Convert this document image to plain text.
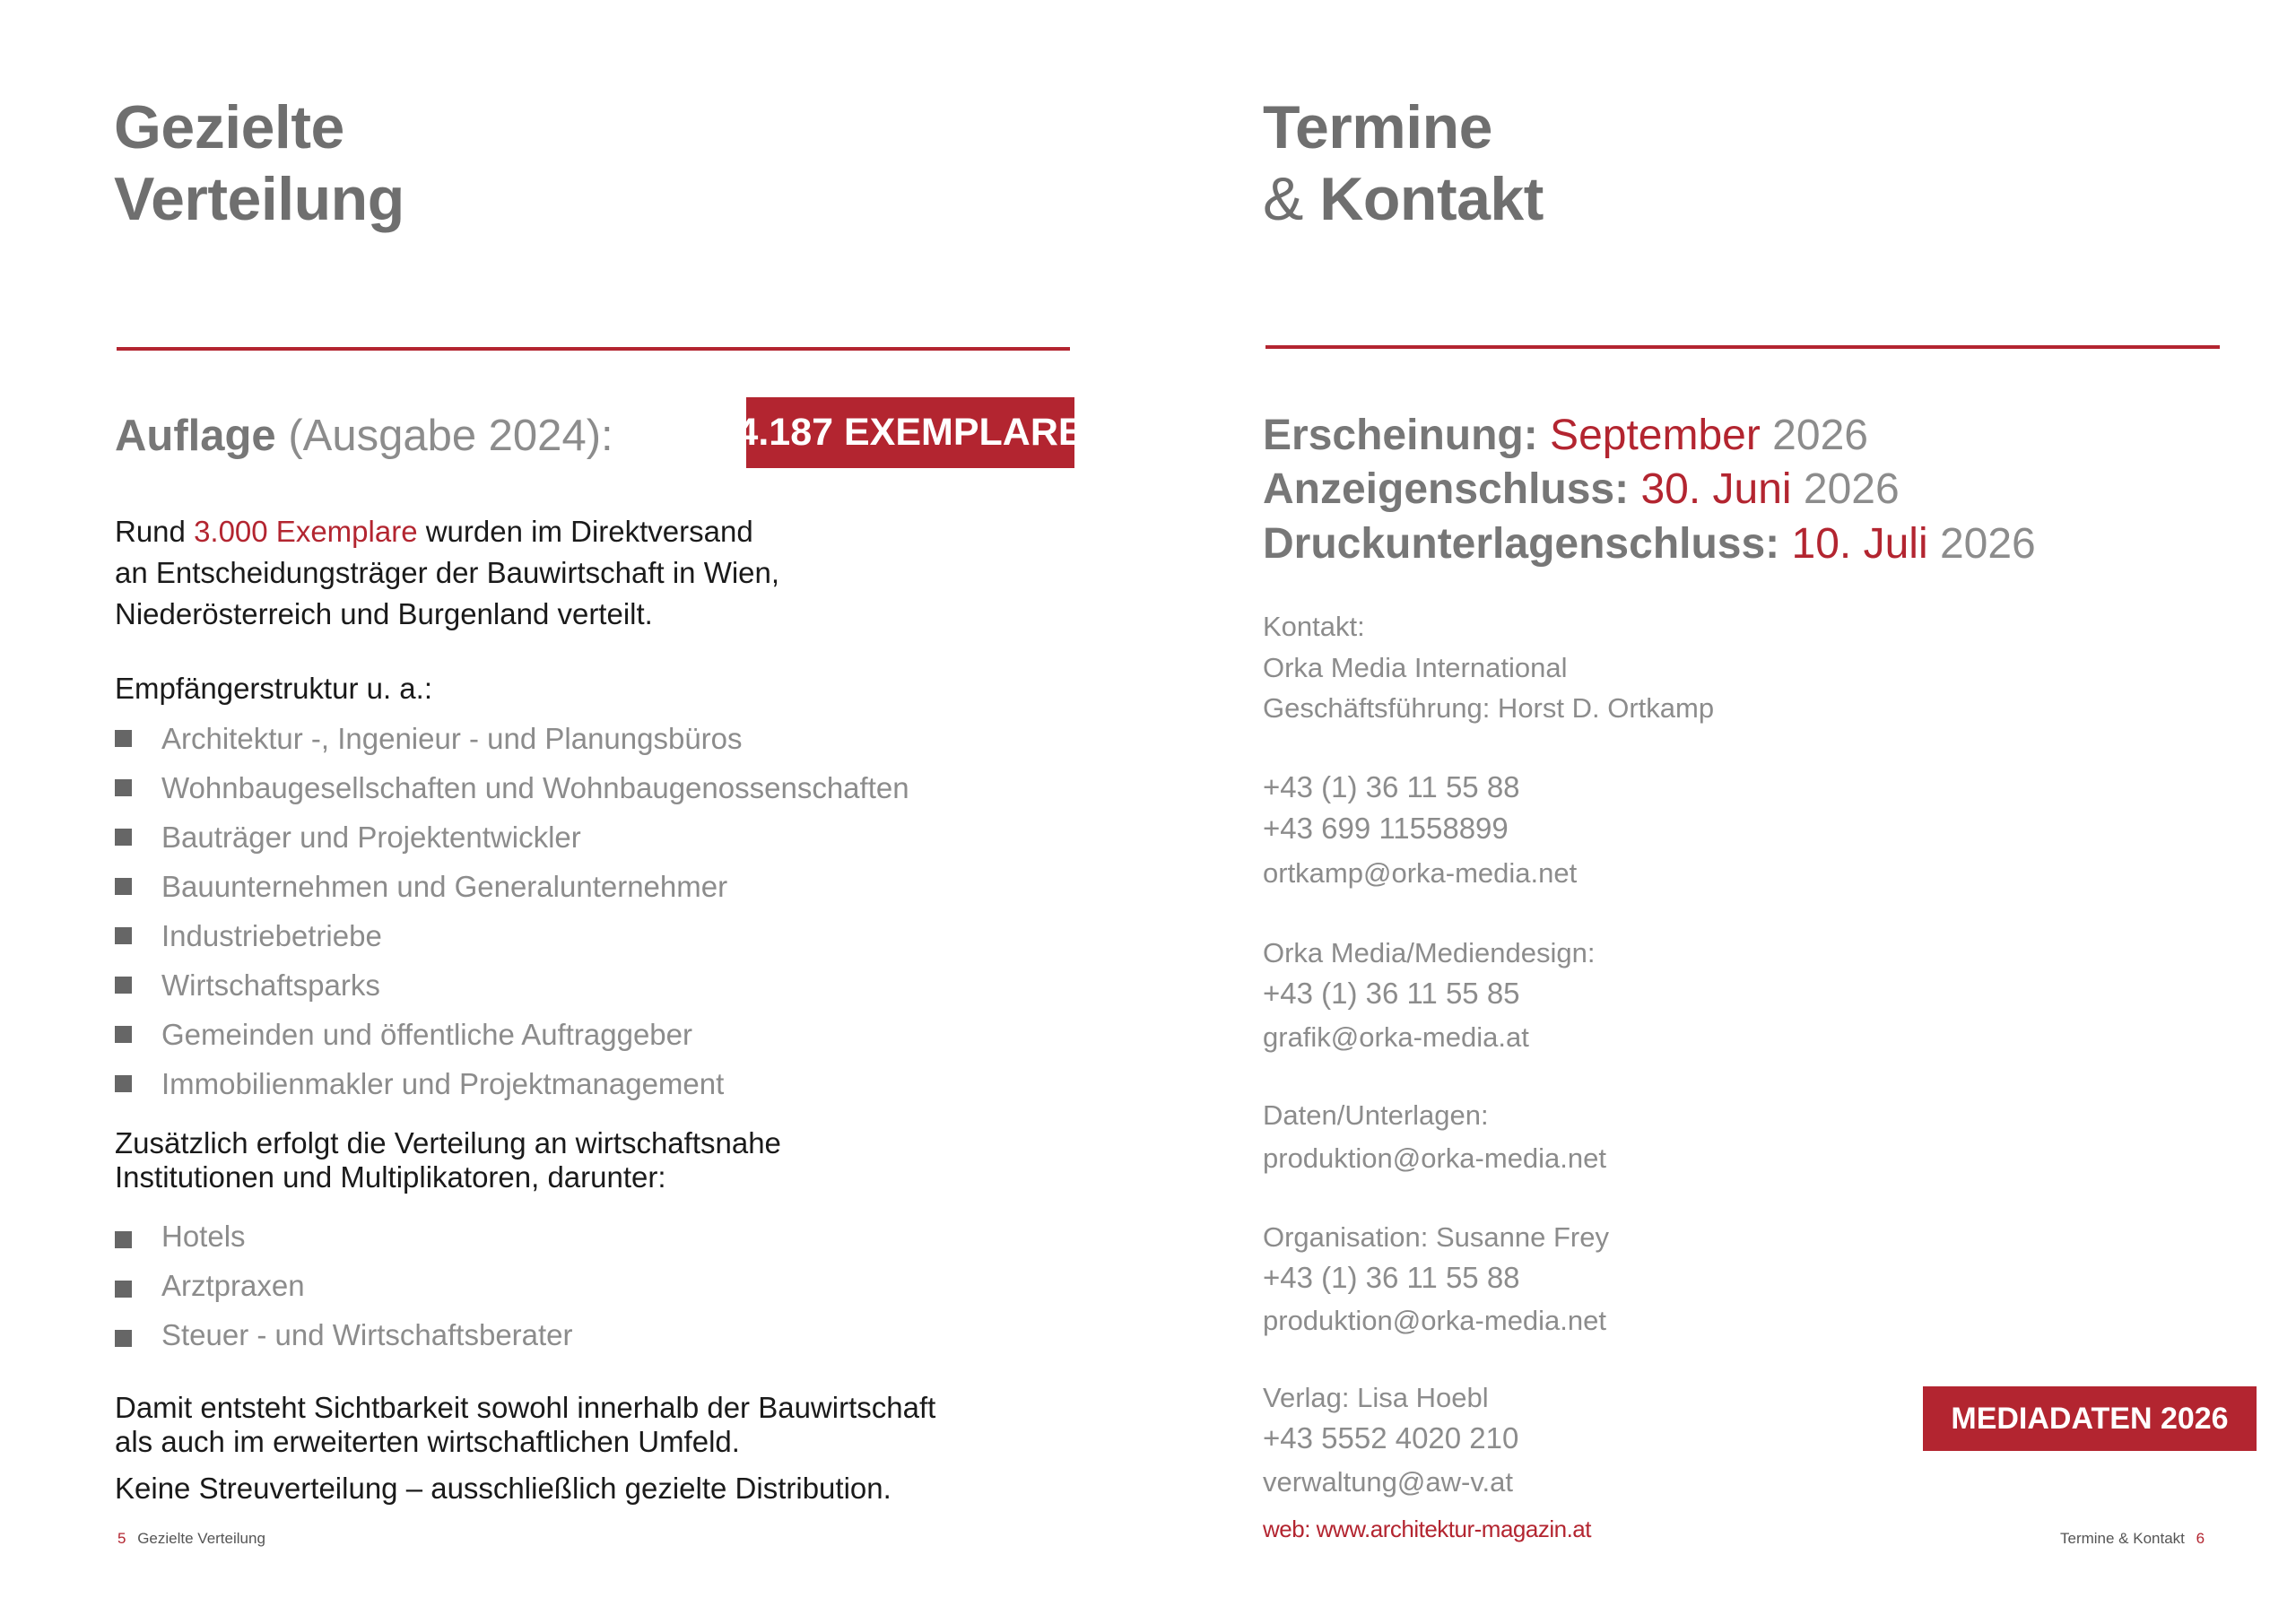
Gezielte
Verteilung
Auflage (Ausgabe 2024):	4.187 EXEMPLARE
Rund 3.000 Exemplare wurden im Direktversand
an Entscheidungsträger der Bauwirtschaft in Wien,
Niederösterreich und Burgenland verteilt.
Empfängerstruktur u. a.:
Architektur -, Ingenieur - und Planungsbüros
Wohnbaugesellschaften und Wohnbaugenossenschaften
Bauträger und Projektentwickler
Bauunternehmen und Generalunternehmer
Industriebetriebe
Wirtschaftsparks
Gemeinden und öffentliche Auftraggeber
Immobilienmakler und Projektmanagement
Zusätzlich erfolgt die Verteilung an wirtschaftsnahe
Institutionen und Multiplikatoren, darunter:
Hotels
Arztpraxen
Steuer - und Wirtschaftsberater
Damit entsteht Sichtbarkeit sowohl innerhalb der Bauwirtschaft
als auch im erweiterten wirtschaftlichen Umfeld.
Keine Streuverteilung – ausschließlich gezielte Distribution.
5 Gezielte Verteilung
Termine
& Kontakt
Erscheinung: September 2026
Anzeigenschluss: 30. Juni 2026
Druckunterlagenschluss: 10. Juli 2026
Kontakt:
Orka Media International
Geschäftsführung: Horst D. Ortkamp
+43 (1) 36 11 55 88
+43 699 11558899
ortkamp@orka-media.net
Orka Media/Mediendesign:
+43 (1) 36 11 55 85
grafik@orka-media.at
Daten/Unterlagen:
produktion@orka-media.net
Organisation: Susanne Frey
+43 (1) 36 11 55 88
produktion@orka-media.net
Verlag: Lisa Hoebl
+43 5552 4020 210
verwaltung@aw-v.at
web: www.architektur-magazin.at
MEDIADATEN 2026
Termine & Kontakt 6
